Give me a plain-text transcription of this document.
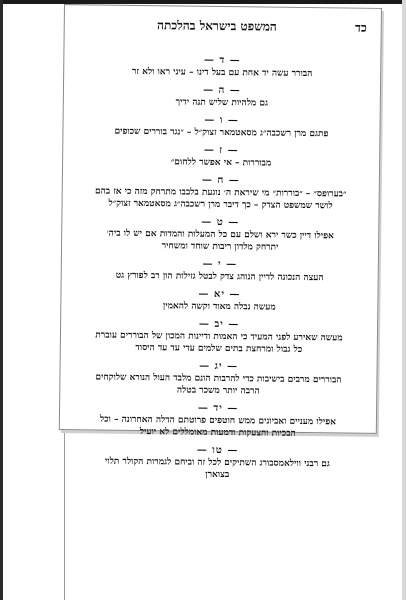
כד
המשפט בישראל בהלכתה
— ד —
הבורר עשה יד אחת עם בעל דינו – עיני ראו ולא זר
— ה —
גם מלהיות שליש תנה ידיך
— ו —
פתגם מרן רשכבה״ג מסאטמאר זצוק״ל – ״נגד בוררים שכופים
— ז —
מבוררות – אי אפשר ללחום״
— ח —
״בערופס״ – ״בוררות״ מי שיראת ה׳ נוגעת בלבבו מתרחק מזה כי אז בהם
לושר שמשפט הצדק – כך דיבר מרן רשכבה״ג מסאטמאר זצוק״ל
— ט —
אפילו דיין כשר ירא ושלם עם כל המעלות והמדות אם יש לו ביה׳
יתרחק מלדון ריבות שוחד ומשחיר
— י —
העצה הנכונה לדיין הנוהג צדק לבטל גזילות הון רב לפורץ גט
— יא —
מעשה נבלה מאוד וקשה להאמין
— יב —
מעשה שאירע לפני המעיד כי האמות ודיינות המכון של הבוררים עוברת
כל גבול ומרחצת בתים שלמים עדי עד עד היסוד
— יג —
הבוררים מרבים בישיבות כדי להרבות הונם מלבד העול הנורא שלוקחים
הרבה יותר משכר בטלה
— יד —
אפילו מעניים ואביונים ממש חוטפים פרוטתם הדלה האחרונה – וכל
הבכיות והצעקות ודמעות מאומללים לא יועיל
— טו —
גם רבני ווילאמסבורג השתיקים לכל זה וביחם לגמרות הקולר תלוי
בצוארן
